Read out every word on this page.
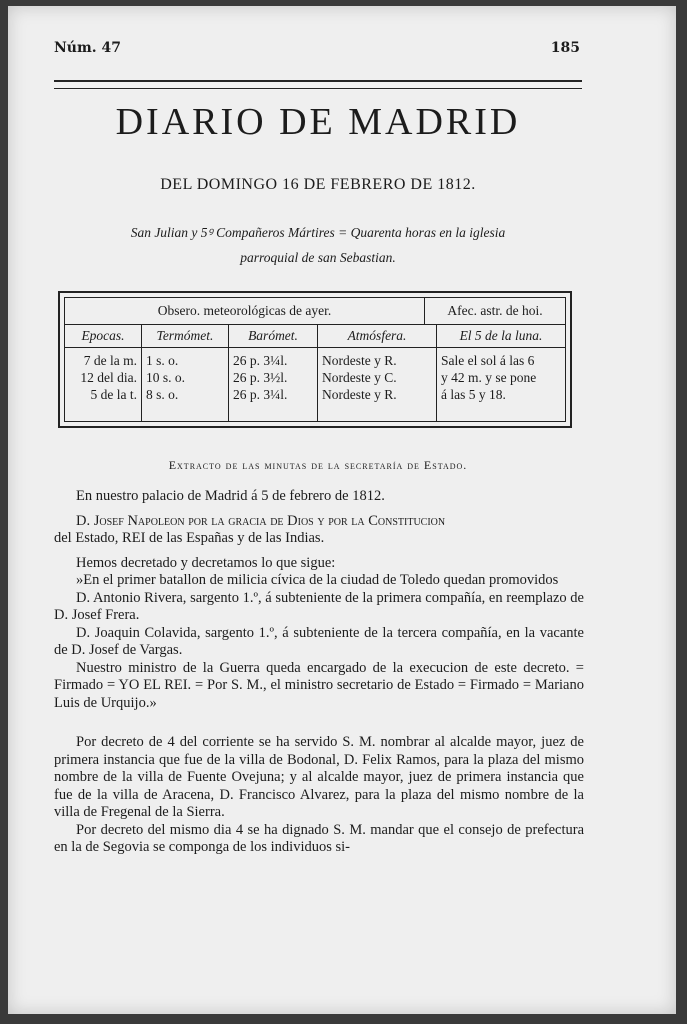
Núm. 47	185
DIARIO DE MADRID
DEL DOMINGO 16 DE FEBRERO DE 1812.
San Julian y 5ꝰ Compañeros Mártires = Quarenta horas en la iglesia
parroquial de san Sebastian.
Obsero. meteorológicas de ayer.	Afec. astr. de hoi.
Epocas.
7 de la m.
12 del dia.
5 de la t.
Termómet.
1 s. o.
10 s. o.
8 s. o.
Barómet.
26 p. 3¼l.
26 p. 3½l.
26 p. 3¼l.
Atmósfera.
Nordeste y R.
Nordeste y C.
Nordeste y R.
El 5 de la luna.
Sale el sol á las 6
y 42 m. y se pone
á las 5 y 18.
Extracto de las minutas de la secretaría de Estado.

En nuestro palacio de Madrid á 5 de febrero de 1812.

D. Josef Napoleon por la gracia de Dios y por la Constitucion

del Estado, REI de las Españas y de las Indias.

Hemos decretado y decretamos lo que sigue:

»En el primer batallon de milicia cívica de la ciudad de Toledo quedan promovidos

D. Antonio Rivera, sargento 1.º, á subteniente de la primera compañía, en reemplazo de D. Josef Frera.

D. Joaquin Colavida, sargento 1.º, á subteniente de la tercera compañía, en la vacante de D. Josef de Vargas.

Nuestro ministro de la Guerra queda encargado de la execucion de este decreto. = Firmado = YO EL REI. = Por S. M., el ministro secretario de Estado = Firmado = Mariano Luis de Urquijo.»

Por decreto de 4 del corriente se ha servido S. M. nombrar al alcalde mayor, juez de primera instancia que fue de la villa de Bodonal, D. Felix Ramos, para la plaza del mismo nombre de la villa de Fuente Ovejuna; y al alcalde mayor, juez de primera instancia que fue de la villa de Aracena, D. Francisco Alvarez, para la plaza del mismo nombre de la villa de Fregenal de la Sierra.

Por decreto del mismo dia 4 se ha dignado S. M. mandar que el consejo de prefectura en la de Segovia se componga de los individuos si-
